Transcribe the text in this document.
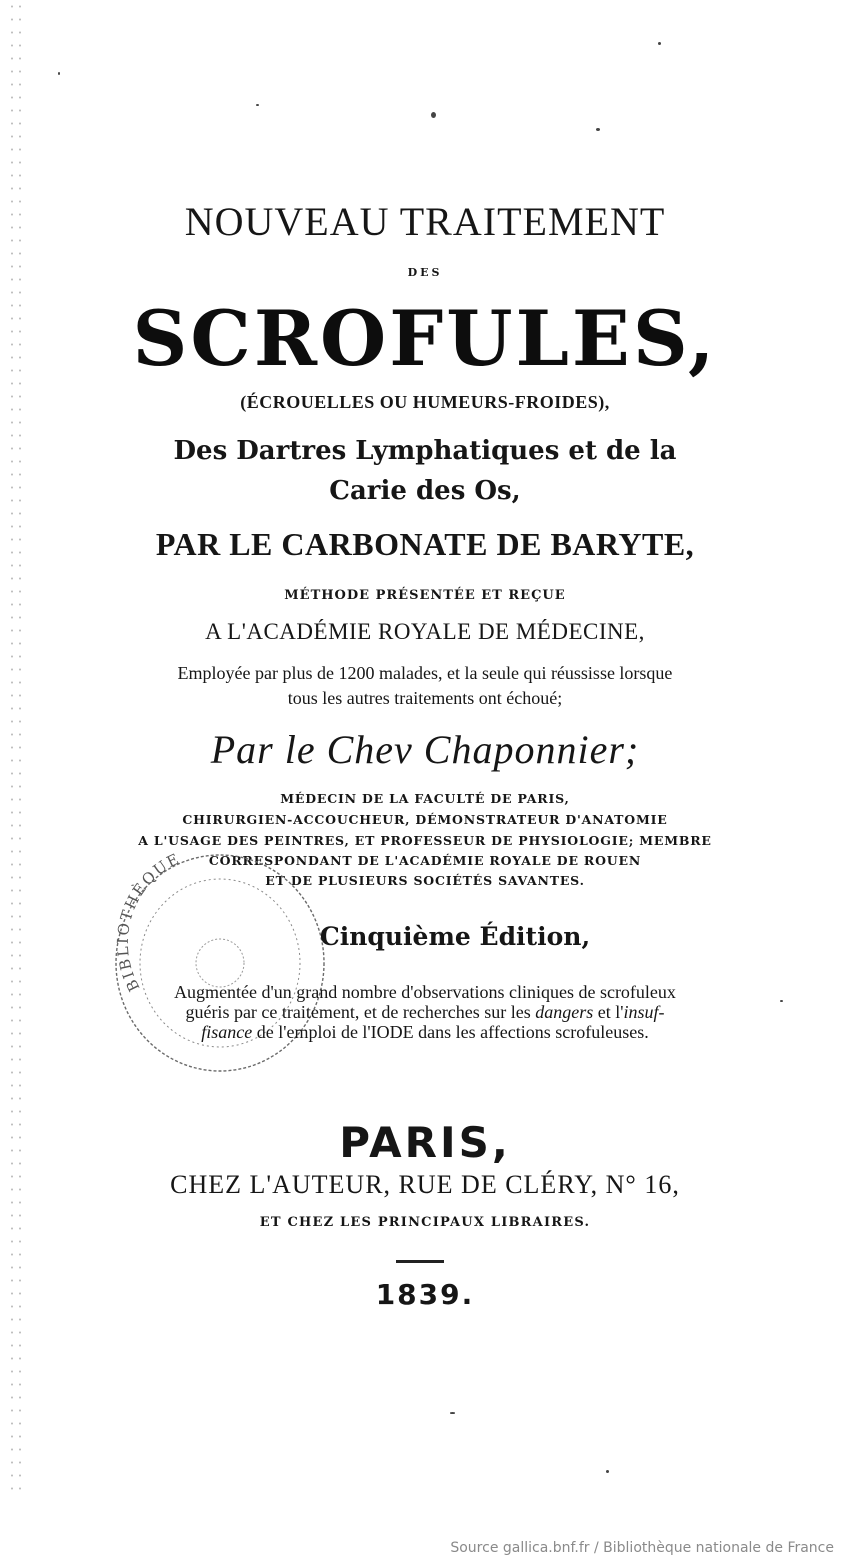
NOUVEAU TRAITEMENT
DES
SCROFULES,
(ÉCROUELLES OU HUMEURS-FROIDES),
Des Dartres Lymphatiques et de la
Carie des Os,
PAR LE CARBONATE DE BARYTE,
MÉTHODE PRÉSENTÉE ET REÇUE
A L'ACADÉMIE ROYALE DE MÉDECINE,
Employée par plus de 1200 malades, et la seule qui réussisse lorsque
tous les autres traitements ont échoué;
Par le Chev Chaponnier;
MÉDECIN DE LA FACULTÉ DE PARIS,
CHIRURGIEN-ACCOUCHEUR, DÉMONSTRATEUR D'ANATOMIE
A L'USAGE DES PEINTRES, ET PROFESSEUR DE PHYSIOLOGIE; MEMBRE
CORRESPONDANT DE L'ACADÉMIE ROYALE DE ROUEN
ET DE PLUSIEURS SOCIÉTÉS SAVANTES.
BIBLIOTHÈQUE
Cinquième Édition,
Augmentée d'un grand nombre d'observations cliniques de scrofuleux
guéris par ce traitement, et de recherches sur les dangers et l'insuf-
fisance de l'emploi de l'IODE dans les affections scrofuleuses.
PARIS,
CHEZ L'AUTEUR, RUE DE CLÉRY, N° 16,
ET CHEZ LES PRINCIPAUX LIBRAIRES.
1839.
Source gallica.bnf.fr / Bibliothèque nationale de France
